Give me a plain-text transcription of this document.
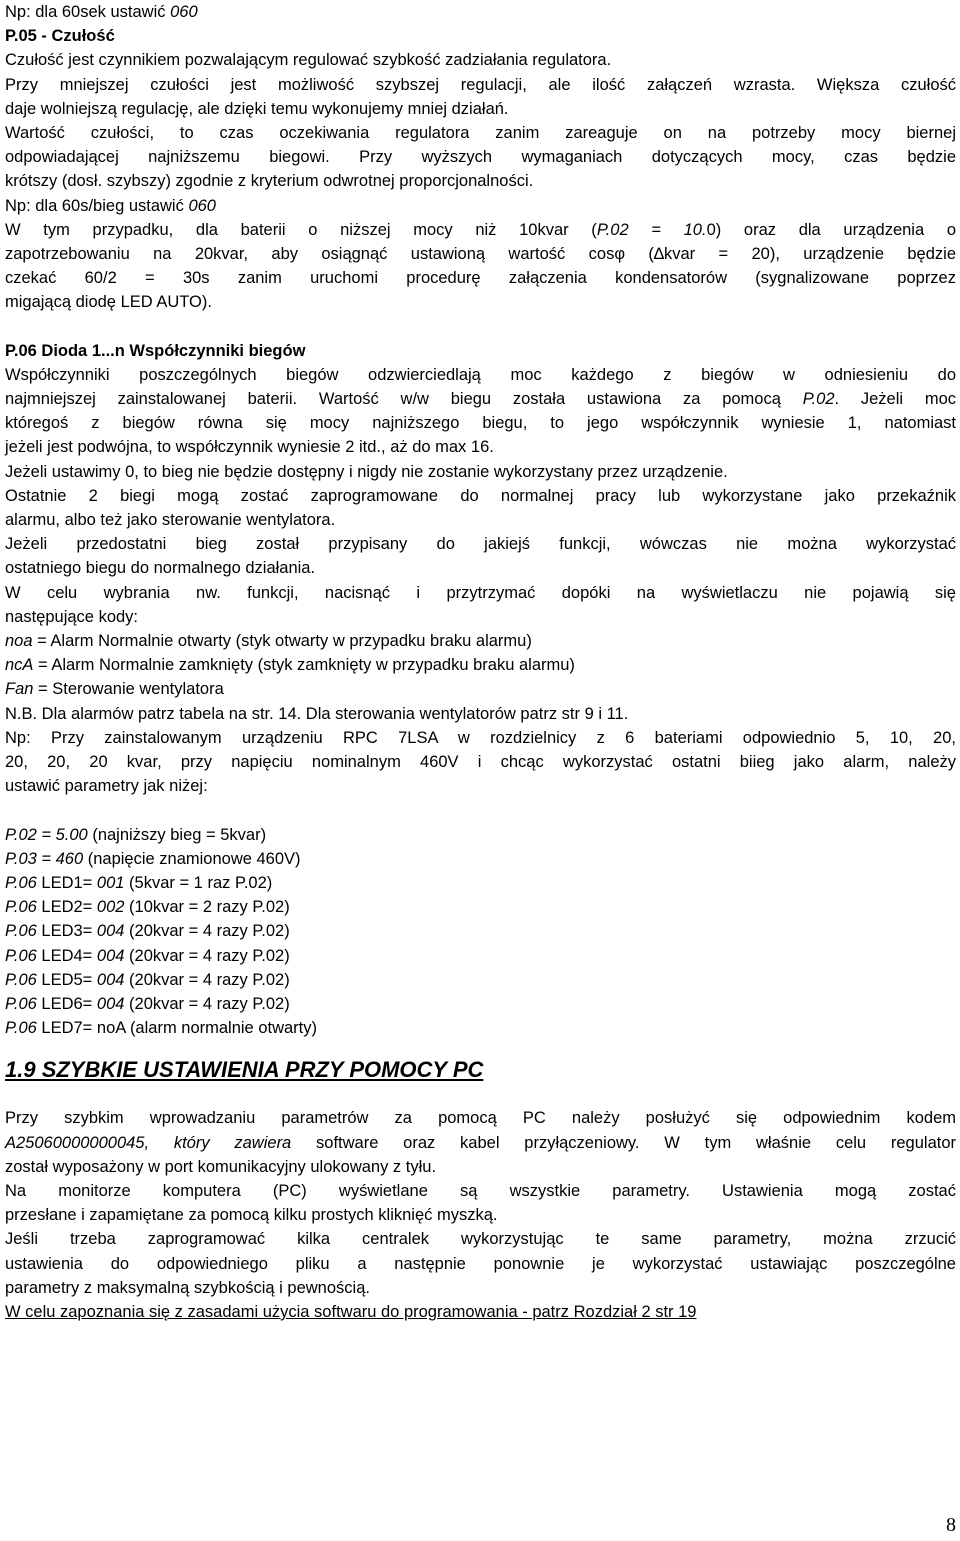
Np: dla 60sek ustawić 060

P.05 - Czułość

Czułość jest czynnikiem pozwalającym regulować szybkość zadziałania regulatora.

Przy mniejszej czułości jest możliwość szybszej regulacji, ale ilość załączeń wzrasta. Większa czułość

daje wolniejszą regulację, ale dzięki temu wykonujemy mniej działań.

Wartość czułości, to czas oczekiwania regulatora zanim zareaguje on na potrzeby mocy biernej

odpowiadającej najniższemu biegowi. Przy wyższych wymaganiach dotyczących mocy, czas będzie

krótszy (dosł. szybszy) zgodnie z kryterium odwrotnej proporcjonalności.

Np: dla 60s/bieg ustawić 060

W tym przypadku, dla baterii o niższej mocy niż 10kvar (P.02 = 10.0) oraz dla urządzenia o

zapotrzebowaniu na 20kvar, aby osiągnąć ustawioną wartość cosφ (∆kvar = 20), urządzenie będzie

czekać 60/2 = 30s zanim uruchomi procedurę załączenia kondensatorów (sygnalizowane poprzez

migającą diodę LED AUTO).

P.06 Dioda 1...n Współczynniki biegów

Współczynniki poszczególnych biegów odzwierciedlają moc każdego z biegów w odniesieniu do

najmniejszej zainstalowanej baterii. Wartość w/w biegu została ustawiona za pomocą P.02. Jeżeli moc

któregoś z biegów równa się mocy najniższego biegu, to jego współczynnik wyniesie 1, natomiast

jeżeli jest podwójna, to współczynnik wyniesie 2 itd., aż do max 16.

Jeżeli ustawimy 0, to bieg nie będzie dostępny i nigdy nie zostanie wykorzystany przez urządzenie.

Ostatnie 2 biegi mogą zostać zaprogramowane do normalnej pracy lub wykorzystane jako przekaźnik

alarmu, albo też jako sterowanie wentylatora.

Jeżeli przedostatni bieg został przypisany do jakiejś funkcji, wówczas nie można wykorzystać

ostatniego biegu do normalnego działania.

W celu wybrania nw. funkcji, nacisnąć i przytrzymać dopóki na wyświetlaczu nie pojawią się

następujące kody:

noa = Alarm Normalnie otwarty (styk otwarty w przypadku braku alarmu)

ncA = Alarm Normalnie zamknięty (styk zamknięty w przypadku braku alarmu)

Fan = Sterowanie wentylatora

N.B. Dla alarmów patrz tabela na str. 14. Dla sterowania wentylatorów patrz str 9 i 11.

Np: Przy zainstalowanym urządzeniu RPC 7LSA w rozdzielnicy z 6 bateriami odpowiednio 5, 10, 20,

20, 20, 20 kvar, przy napięciu nominalnym 460V i chcąc wykorzystać ostatni biieg jako alarm, należy

ustawić parametry jak niżej:

P.02 = 5.00 (najniższy bieg = 5kvar)

P.03 = 460 (napięcie znamionowe 460V)

P.06 LED1= 001 (5kvar = 1 raz P.02)

P.06 LED2= 002 (10kvar = 2 razy P.02)

P.06 LED3= 004 (20kvar = 4 razy P.02)

P.06 LED4= 004 (20kvar = 4 razy P.02)

P.06 LED5= 004 (20kvar = 4 razy P.02)

P.06 LED6= 004 (20kvar = 4 razy P.02)

P.06 LED7= noA (alarm normalnie otwarty)

1.9 SZYBKIE USTAWIENIA PRZY POMOCY PC

Przy szybkim wprowadzaniu parametrów za pomocą PC należy posłużyć się odpowiednim kodem

A25060000000045, który zawiera software oraz kabel przyłączeniowy. W tym właśnie celu regulator

został wyposażony w port komunikacyjny ulokowany z tyłu.

Na monitorze komputera (PC) wyświetlane są wszystkie parametry. Ustawienia mogą zostać

przesłane i zapamiętane za pomocą kilku prostych kliknięć myszką.

Jeśli trzeba zaprogramować kilka centralek wykorzystując te same parametry, można zrzucić

ustawienia do odpowiedniego pliku a następnie ponownie je wykorzystać ustawiając poszczególne

parametry z maksymalną szybkością i pewnością.

W celu zapoznania się z zasadami użycia softwaru do programowania - patrz Rozdział 2 str 19

8
